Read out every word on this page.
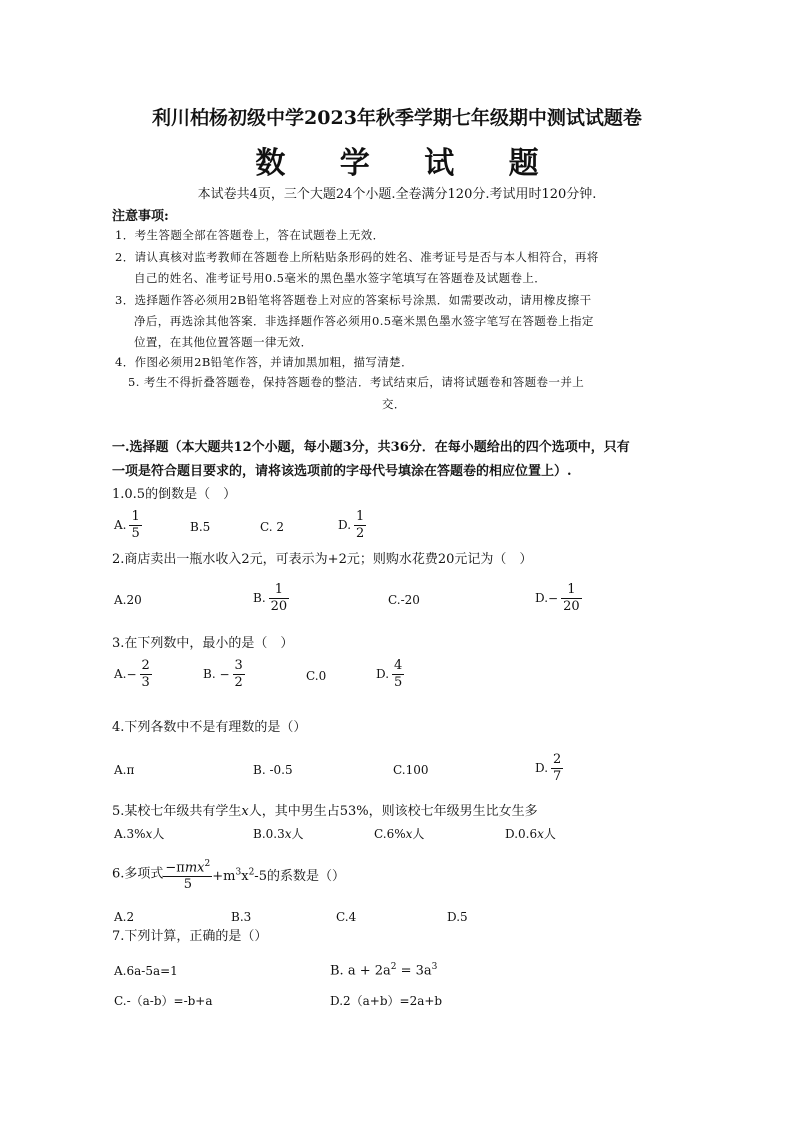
利川柏杨初级中学2023年秋季学期七年级期中测试试题卷
数 学 试 题
本试卷共4页，三个大题24个小题.全卷满分120分.考试用时120分钟.
注意事项:
1．考生答题全部在答题卷上，答在试题卷上无效．
2．请认真核对监考教师在答题卷上所粘贴条形码的姓名、准考证号是否与本人相符合，再将
自己的姓名、准考证号用0.5毫米的黑色墨水签字笔填写在答题卷及试题卷上．
3．选择题作答必须用2B铅笔将答题卷上对应的答案标号涂黑．如需要改动，请用橡皮擦干
净后，再选涂其他答案．非选择题作答必须用0.5毫米黑色墨水签字笔写在答题卷上指定
位置，在其他位置答题一律无效．
4．作图必须用2B铅笔作答，并请加黑加粗，描写清楚．
5. 考生不得折叠答题卷，保持答题卷的整洁．考试结束后，请将试题卷和答题卷一并上
交．
一.选择题（本大题共12个小题，每小题3分，共36分．在每小题给出的四个选项中，只有
一项是符合题目要求的，请将该选项前的字母代号填涂在答题卷的相应位置上）.
1.0.5的倒数是（　）
A. $\frac{1}{5}$	B.5	C. 2	D. $\frac{1}{2}$
2.商店卖出一瓶水收入2元，可表示为+2元；则购水花费20元记为（　）
A.20	B. $\frac{1}{20}$	C.-20	$D.- \frac{1}{20}$
3.在下列数中，最小的是（　）
$A.- \frac{2}{3}$	B. − $\frac{3}{2}$	C.0	D. $\frac{4}{5}$
4.下列各数中不是有理数的是（）
A.π	B. -0.5	C.100	D. $\frac{2}{7}$
5.某校七年级共有学生x人，其中男生占53%，则该校七年级男生比女生多
A.3%x人	B.0.3x人	C.6%x人	D.0.6x人
6.多项式 $\frac{-\pi mx^2}{5} +m^3x^2-5$的系数是（）
A.2	B.3	C.4	D.5
7.下列计算，正确的是（）
A.6a-5a=1	B. $a + 2a^2 = 3a^3$
C.-（a-b）=-b+a	D.2（a+b）=2a+b
